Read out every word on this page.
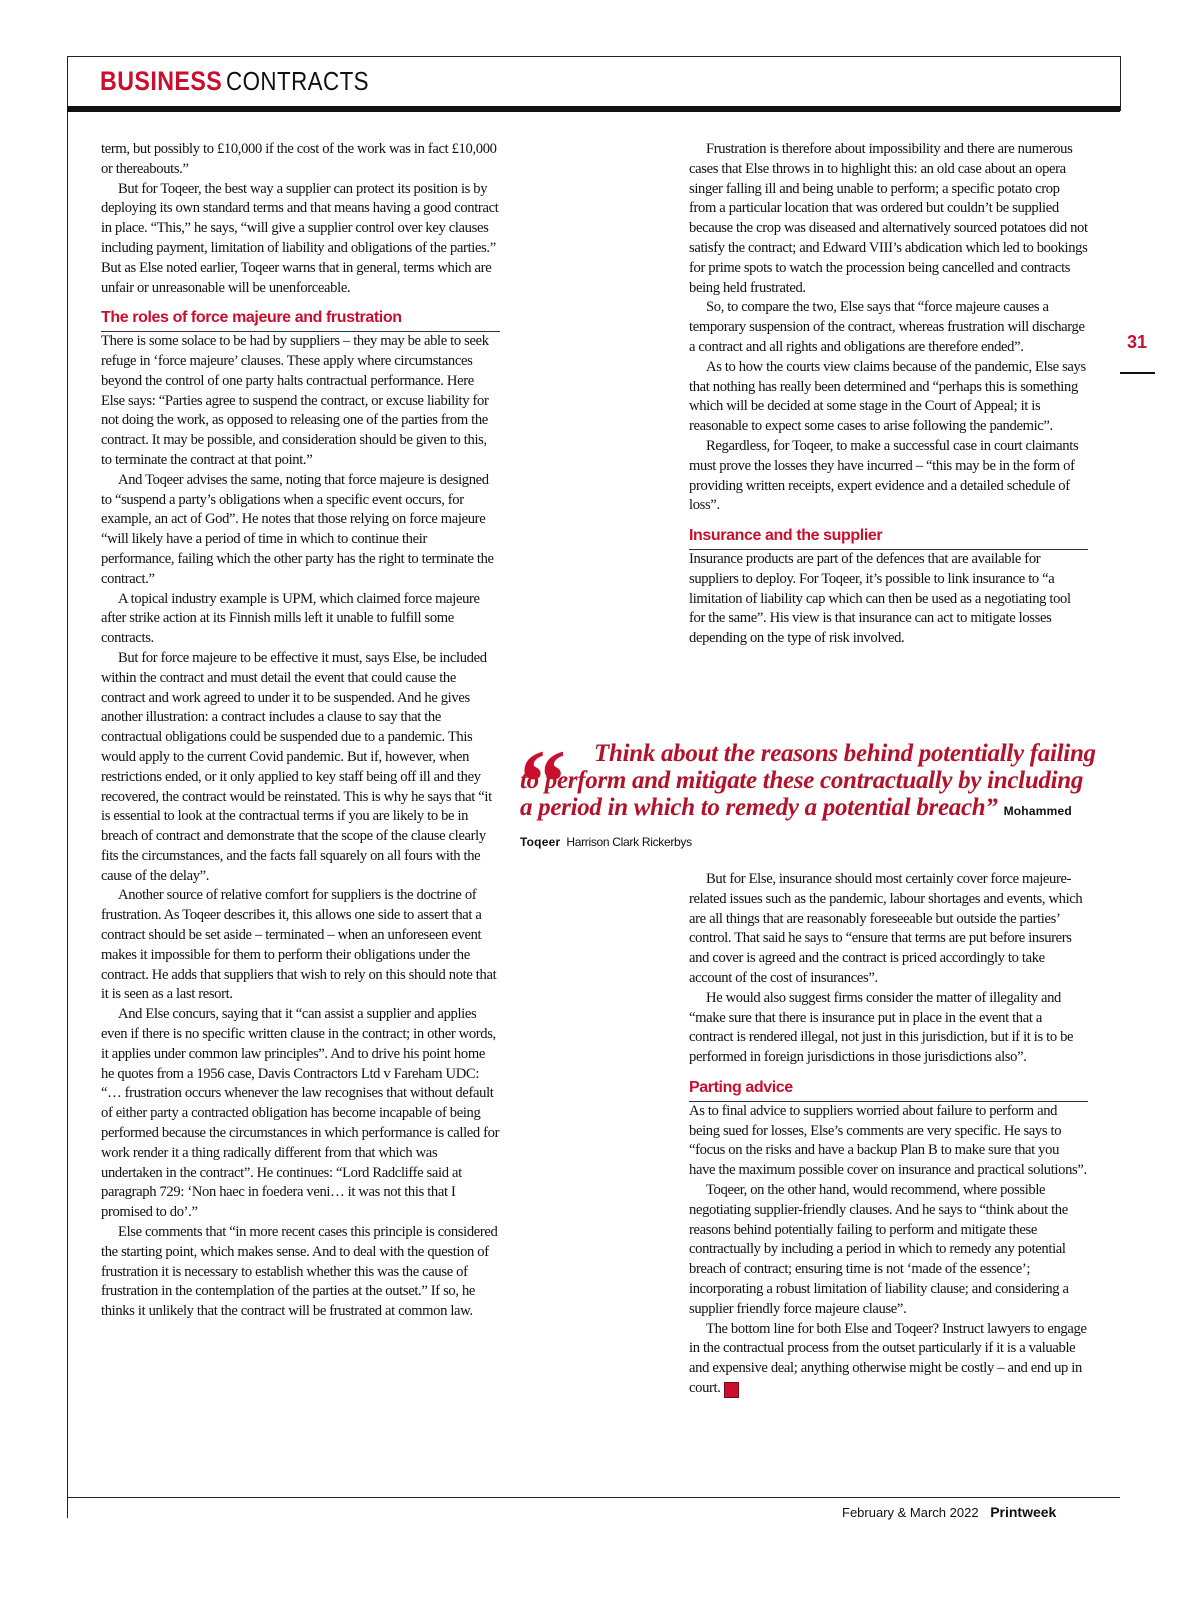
BUSINESS CONTRACTS
31

term, but possibly to £10,000 if the cost of the work was in fact £10,000 or thereabouts.”

But for Toqeer, the best way a supplier can protect its position is by deploying its own standard terms and that means having a good contract in place. “This,” he says, “will give a supplier control over key clauses including payment, limitation of liability and obligations of the parties.” But as Else noted earlier, Toqeer warns that in general, terms which are unfair or unreasonable will be unenforceable.

The roles of force majeure and frustration

There is some solace to be had by suppliers – they may be able to seek refuge in ‘force majeure’ clauses. These apply where circumstances beyond the control of one party halts contractual performance. Here Else says: “Parties agree to suspend the contract, or excuse liability for not doing the work, as opposed to releasing one of the parties from the contract. It may be possible, and consideration should be given to this, to terminate the contract at that point.”

And Toqeer advises the same, noting that force majeure is designed to “suspend a party’s obligations when a specific event occurs, for example, an act of God”. He notes that those relying on force majeure “will likely have a period of time in which to continue their performance, failing which the other party has the right to terminate the contract.”

A topical industry example is UPM, which claimed force majeure after strike action at its Finnish mills left it unable to fulfill some contracts.

But for force majeure to be effective it must, says Else, be included within the contract and must detail the event that could cause the contract and work agreed to under it to be suspended. And he gives another illustration: a contract includes a clause to say that the contractual obligations could be suspended due to a pandemic. This would apply to the current Covid pandemic. But if, however, when restrictions ended, or it only applied to key staff being off ill and they recovered, the contract would be reinstated. This is why he says that “it is essential to look at the contractual terms if you are likely to be in breach of contract and demonstrate that the scope of the clause clearly fits the circumstances, and the facts fall squarely on all fours with the cause of the delay”.

Another source of relative comfort for suppliers is the doctrine of frustration. As Toqeer describes it, this allows one side to assert that a contract should be set aside – terminated – when an unforeseen event makes it impossible for them to perform their obligations under the contract. He adds that suppliers that wish to rely on this should note that it is seen as a last resort.

And Else concurs, saying that it “can assist a supplier and applies even if there is no specific written clause in the contract; in other words, it applies under common law principles”. And to drive his point home he quotes from a 1956 case, Davis Contractors Ltd v Fareham UDC: “… frustration occurs whenever the law recognises that without default of either party a contracted obligation has become incapable of being performed because the circumstances in which performance is called for work render it a thing radically different from that which was undertaken in the contract”. He continues: “Lord Radcliffe said at paragraph 729: ‘Non haec in foedera veni… it was not this that I promised to do’.”

Else comments that “in more recent cases this principle is considered the starting point, which makes sense. And to deal with the question of frustration it is necessary to establish whether this was the cause of frustration in the contemplation of the parties at the outset.” If so, he thinks it unlikely that the contract will be frustrated at common law.

Frustration is therefore about impossibility and there are numerous cases that Else throws in to highlight this: an old case about an opera singer falling ill and being unable to perform; a specific potato crop from a particular location that was ordered but couldn’t be supplied because the crop was diseased and alternatively sourced potatoes did not satisfy the contract; and Edward VIII’s abdication which led to bookings for prime spots to watch the procession being cancelled and contracts being held frustrated.

So, to compare the two, Else says that “force majeure causes a temporary suspension of the contract, whereas frustration will discharge a contract and all rights and obligations are therefore ended”.

As to how the courts view claims because of the pandemic, Else says that nothing has really been determined and “perhaps this is something which will be decided at some stage in the Court of Appeal; it is reasonable to expect some cases to arise following the pandemic”.

Regardless, for Toqeer, to make a successful case in court claimants must prove the losses they have incurred – “this may be in the form of providing written receipts, expert evidence and a detailed schedule of loss”.

Insurance and the supplier

Insurance products are part of the defences that are available for suppliers to deploy. For Toqeer, it’s possible to link insurance to “a limitation of liability cap which can then be used as a negotiating tool for the same”. His view is that insurance can act to mitigate losses depending on the type of risk involved.

“	Think about the reasons behind potentially failing to perform and mitigate these contractually by including a period in which to remedy a potential breach” Mohammed Toqeer Harrison Clark Rickerbys

But for Else, insurance should most certainly cover force majeure-related issues such as the pandemic, labour shortages and events, which are all things that are reasonably foreseeable but outside the parties’ control. That said he says to “ensure that terms are put before insurers and cover is agreed and the contract is priced accordingly to take account of the cost of insurances”.

He would also suggest firms consider the matter of illegality and “make sure that there is insurance put in place in the event that a contract is rendered illegal, not just in this jurisdiction, but if it is to be performed in foreign jurisdictions in those jurisdictions also”.

Parting advice

As to final advice to suppliers worried about failure to perform and being sued for losses, Else’s comments are very specific. He says to “focus on the risks and have a backup Plan B to make sure that you have the maximum possible cover on insurance and practical solutions”.

Toqeer, on the other hand, would recommend, where possible negotiating supplier-friendly clauses. And he says to “think about the reasons behind potentially failing to perform and mitigate these contractually by including a period in which to remedy any potential breach of contract; ensuring time is not ‘made of the essence’; incorporating a robust limitation of liability clause; and considering a supplier friendly force majeure clause”.

The bottom line for both Else and Toqeer? Instruct lawyers to engage in the contractual process from the outset particularly if it is a valuable and expensive deal; anything otherwise might be costly – and end up in court. P

February & March 2022 Printweek
